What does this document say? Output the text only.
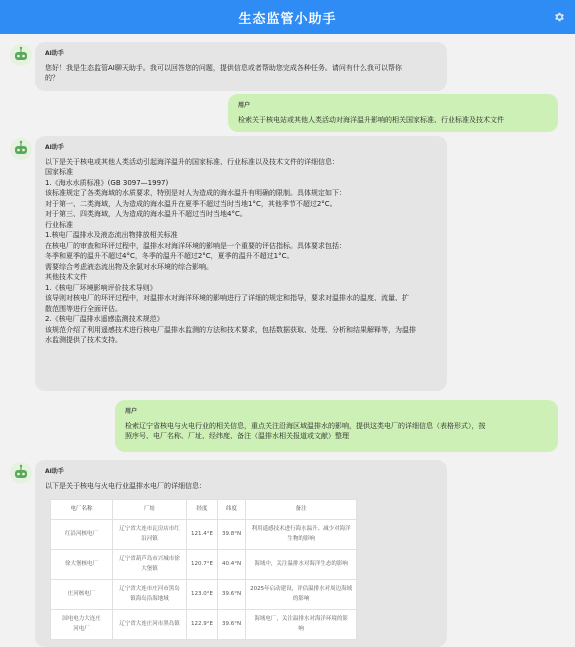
生态监管小助手
AI助手
您好！我是生态监管AI聊天助手。我可以回答您的问题，提供信息或者帮助您完成各种任务。请问有什么我可以帮你
的？
用户
检索关于核电站或其他人类活动对海洋温升影响的相关国家标准、行业标准及技术文件
AI助手
以下是关于核电或其他人类活动引起海洋温升的国家标准、行业标准以及技术文件的详细信息：
国家标准
1.《海水水质标准》(GB 3097—1997)
该标准规定了各类海域的水质要求，特别是对人为造成的海水温升有明确的限制。具体规定如下：
对于第一、二类海域，人为造成的海水温升在夏季不超过当时当地1°C，其他季节不超过2°C。
对于第三、四类海域，人为造成的海水温升不超过当时当地4°C。
行业标准
1.核电厂温排水及液态流出物排放相关标准
在核电厂的审查和环评过程中，温排水对海洋环境的影响是一个重要的评估指标。具体要求包括：
冬季和夏季的温升不超过4°C，冬季的温升不超过2°C，夏季的温升不超过1°C。
需要综合考虑液态流出物及余氯对水环境的综合影响。
其他技术文件
1.《核电厂环境影响评价技术导则》
该导则对核电厂的环评过程中，对温排水对海洋环境的影响进行了详细的规定和指导，要求对温排水的温度、流量、扩
散范围等进行全面评估。
2.《核电厂温排水遥感监测技术规范》
该规范介绍了利用遥感技术进行核电厂温排水监测的方法和技术要求，包括数据获取、处理、分析和结果解释等，为温排
水监测提供了技术支持。
用户
检索辽宁省核电与火电行业的相关信息，重点关注沿海区域温排水的影响，提供这类电厂的详细信息（表格形式），按
照序号、电厂名称、厂址、经纬度、备注（温排水相关报道或文献）整理
AI助手
以下是关于核电与火电行业温排水电厂的详细信息：
电厂名称	厂址	经度	纬度	备注

红沿河核电厂	辽宁省大连市瓦房店市红
沿河镇	121.4°E	39.8°N	利用遥感技术进行海水温升、减少对海洋
生物的影响

徐大堡核电厂	辽宁省葫芦岛市兴城市徐
大堡镇	120.7°E	40.4°N	海域中，关注温排水对海洋生态的影响

庄河核电厂	辽宁省大连市庄河市黑岛
镇海岛沿海地域	123.0°E	39.6°N	2025年启动建设，评估温排水对周边海域
的影响

国电电力大连庄
河电厂	辽宁省大连庄河市黑岛镇	122.9°E	39.6°N	海域电厂，关注温排水对海洋环境的影
响
